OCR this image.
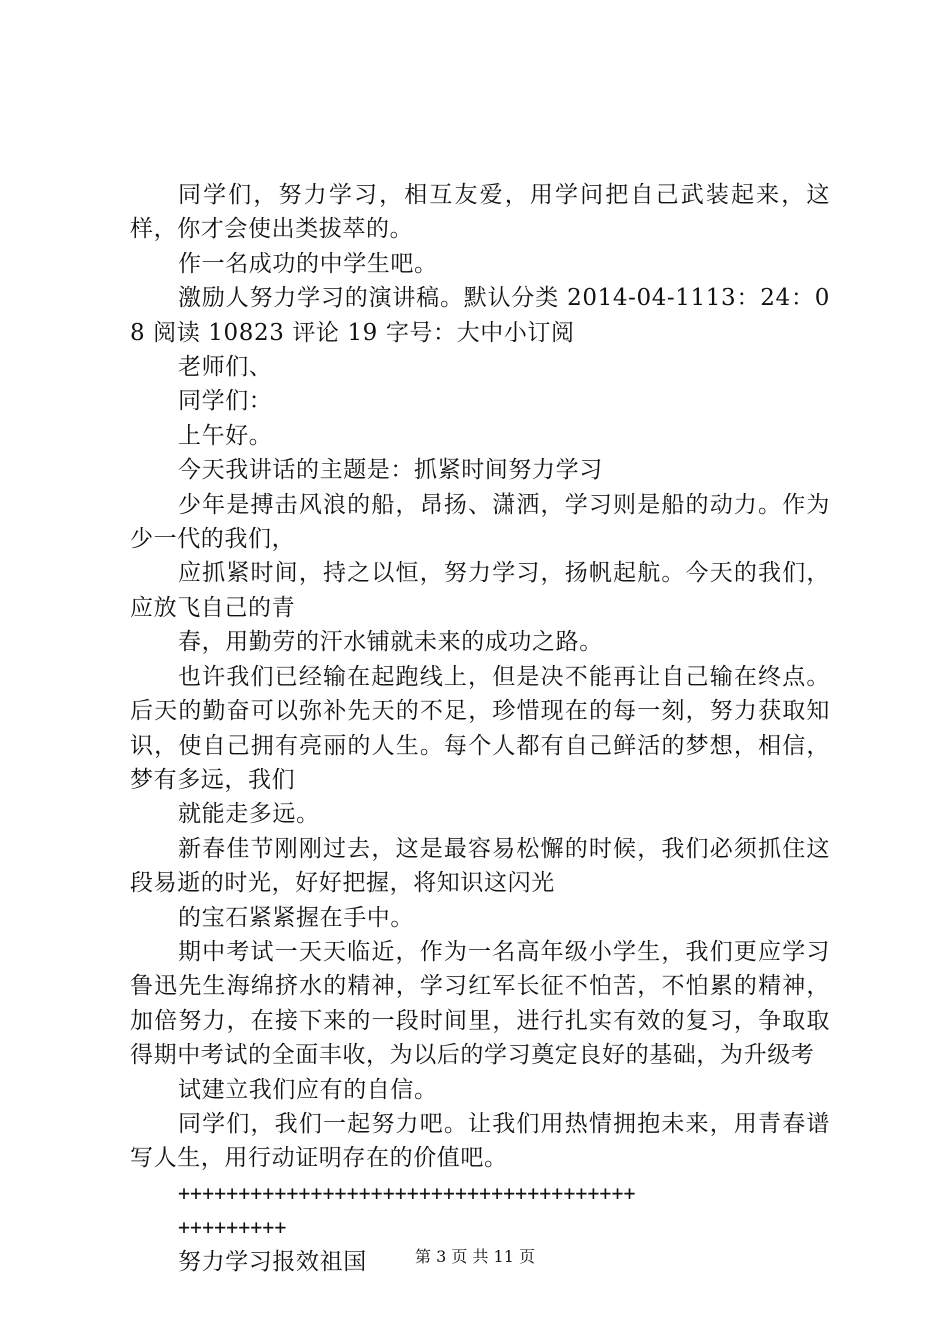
同学们，努力学习，相互友爱，用学问把自己武装起来，这样，你才会使出类拔萃的。

作一名成功的中学生吧。

激励人努力学习的演讲稿。默认分类 2014-04-1113：24：08 阅读 10823 评论 19 字号：大中小订阅

老师们、

同学们：

上午好。

今天我讲话的主题是：抓紧时间努力学习

少年是搏击风浪的船，昂扬、潇洒，学习则是船的动力。作为少一代的我们，

应抓紧时间，持之以恒，努力学习，扬帆起航。今天的我们，应放飞自己的青

春，用勤劳的汗水铺就未来的成功之路。

也许我们已经输在起跑线上，但是决不能再让自己输在终点。后天的勤奋可以弥补先天的不足，珍惜现在的每一刻，努力获取知识，使自己拥有亮丽的人生。每个人都有自己鲜活的梦想，相信，梦有多远，我们

就能走多远。

新春佳节刚刚过去，这是最容易松懈的时候，我们必须抓住这段易逝的时光，好好把握，将知识这闪光

的宝石紧紧握在手中。

期中考试一天天临近，作为一名高年级小学生，我们更应学习鲁迅先生海绵挤水的精神，学习红军长征不怕苦，不怕累的精神，加倍努力，在接下来的一段时间里，进行扎实有效的复习，争取取得期中考试的全面丰收，为以后的学习奠定良好的基础，为升级考

试建立我们应有的自信。

同学们，我们一起努力吧。让我们用热情拥抱未来，用青春谱写人生，用行动证明存在的价值吧。

++++++++++++++++++++++++++++++++++++++

+++++++++

努力学习报效祖国	第 3 页 共 11 页
